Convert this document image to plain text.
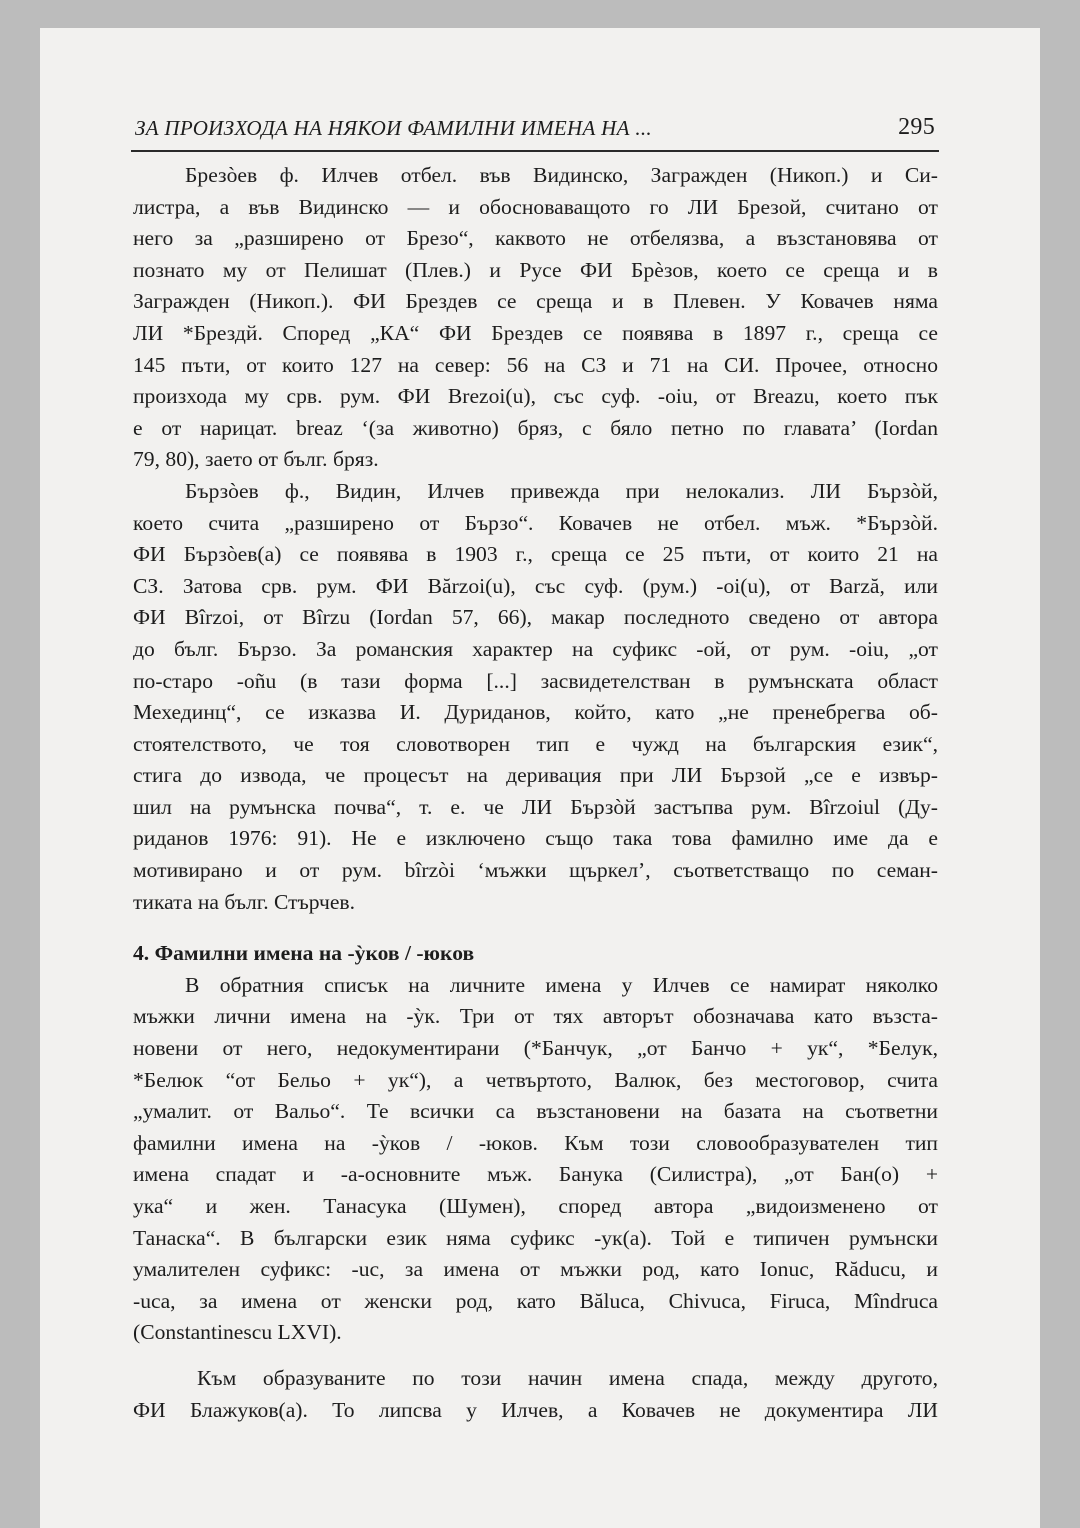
ЗА ПРОИЗХОДА НА НЯКОИ ФАМИЛНИ ИМЕНА НА ...	295

Брезòев ф. Илчев отбел. във Видинско, Загражден (Никоп.) и Си-
листра, а във Видинско — и обосноваващото го ЛИ Брезой, считано от
него за „разширено от Брезо“, каквото не отбелязва, а възстановява от
познато му от Пелишат (Плев.) и Русе ФИ Брѐзов, което се среща и в
Загражден (Никоп.). ФИ Брездев се среща и в Плевен. У Ковачев няма
ЛИ *Брездй. Според „КА“ ФИ Брездев се появява в 1897 г., среща се
145 пъти, от които 127 на север: 56 на СЗ и 71 на СИ. Прочее, относно
произхода му срв. рум. ФИ Brezoi(u), със суф. -oiu, от Breazu, което пък
е от нарицат. breaz ‘(за животно) бряз, с бяло петно по главата’ (Iordan
79, 80), заето от бълг. бряз.

Бързòев ф., Видин, Илчев привежда при нелокализ. ЛИ Бързòй,
което счита „разширено от Бързо“. Ковачев не отбел. мъж. *Бързòй.
ФИ Бързòев(а) се появява в 1903 г., среща се 25 пъти, от които 21 на
СЗ. Затова срв. рум. ФИ Bărzoi(u), със суф. (рум.) -oi(u), от Barză, или
ФИ Bîrzoi, от Bîrzu (Iordan 57, 66), макар последното сведено от автора
до бълг. Бързо. За романския характер на суфикс -ой, от рум. -oiu, „от
по-старо -oñu (в тази форма [...] засвидетелстван в румънската област
Мехединц“, се изказва И. Дуриданов, който, като „не пренебрегва об-
стоятелството, че тоя словотворен тип е чужд на българския език“,
стига до извода, че процесът на деривация при ЛИ Бързой „се е извър-
шил на румънска почва“, т. е. че ЛИ Бързòй застъпва рум. Bîrzoiul (Ду-
риданов 1976: 91). Не е изключено също така това фамилно име да е
мотивирано и от рум. bîrzòi ‘мъжки щъркел’, съответстващо по семан-
тиката на бълг. Стърчев.

4. Фамилни имена на -ỳков / -юков

В обратния списък на личните имена у Илчев се намират няколко
мъжки лични имена на -ỳк. Три от тях авторът обозначава като възста-
новени от него, недокументирани (*Банчук, „от Банчо + ук“, *Белук,
*Белюк “от Бельо + ук“), а четвъртото, Валюк, без местоговор, счита
„умалит. от Вальо“. Те всички са възстановени на базата на съответни
фамилни имена на -ỳков / -юков. Към този словообразувателен тип
имена спадат и -а-основните мъж. Банука (Силистра), „от Бан(о) +
ука“ и жен. Танасука (Шумен), според автора „видоизменено от
Танаска“. В български език няма суфикс -ук(а). Той е типичен румънски
умалителен суфикс: -uc, за имена от мъжки род, като Ionuc, Răducu, и
-uca, за имена от женски род, като Băluca, Chivuca, Firuca, Mîndruca
(Constantinescu LXVI).

Към образуваните по този начин имена спада, между другото,
ФИ Блажуков(а). То липсва у Илчев, а Ковачев не документира ЛИ
